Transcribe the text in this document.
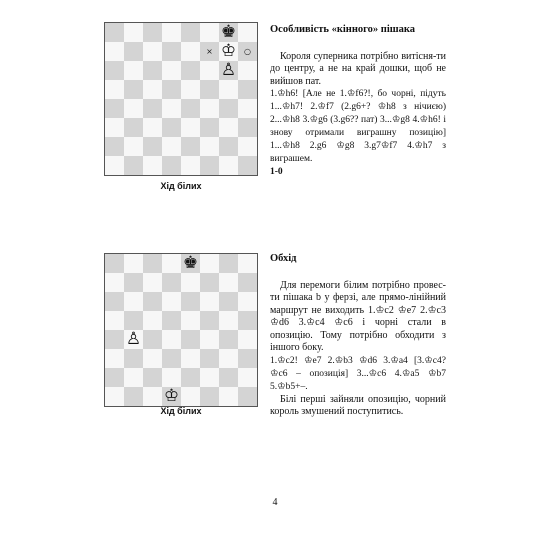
♚
× ♔ ○
♙
Хід білих
Особливість «кінного» пішака

Короля суперника потрібно витісня-ти до центру, а не на край дошки, щоб не вийшов пат.

1.♔h6! [Але не 1.♔f6?!, бо чорні, підуть 1...♔h7! 2.♔f7 (2.g6+? ♔h8 з нічиєю) 2...♔h8 3.♔g6 (3.g6?? пат) 3...♔g8 4.♔h6! і знову отримали виграшну позицію] 1...♔h8 2.g6 ♔g8 3.g7♔f7 4.♔h7 з виграшем.

1-0

♚
♙
♔
Хід білих
Обхід

Для перемоги білим потрібно провес-ти пішака b у ферзі, але прямо-лінійний маршрут не виходить 1.♔c2 ♔e7 2.♔c3 ♔d6 3.♔c4 ♔c6 і чорні стали в опозицію. Тому потрібно обходити з іншого боку.

1.♔c2! ♔e7 2.♔b3 ♔d6 3.♔a4 [3.♔c4? ♔c6 – опозиція] 3...♔c6 4.♔a5 ♔b7 5.♔b5+–.

Білі перші зайняли опозицію, чорний король змушений поступитись.

4
